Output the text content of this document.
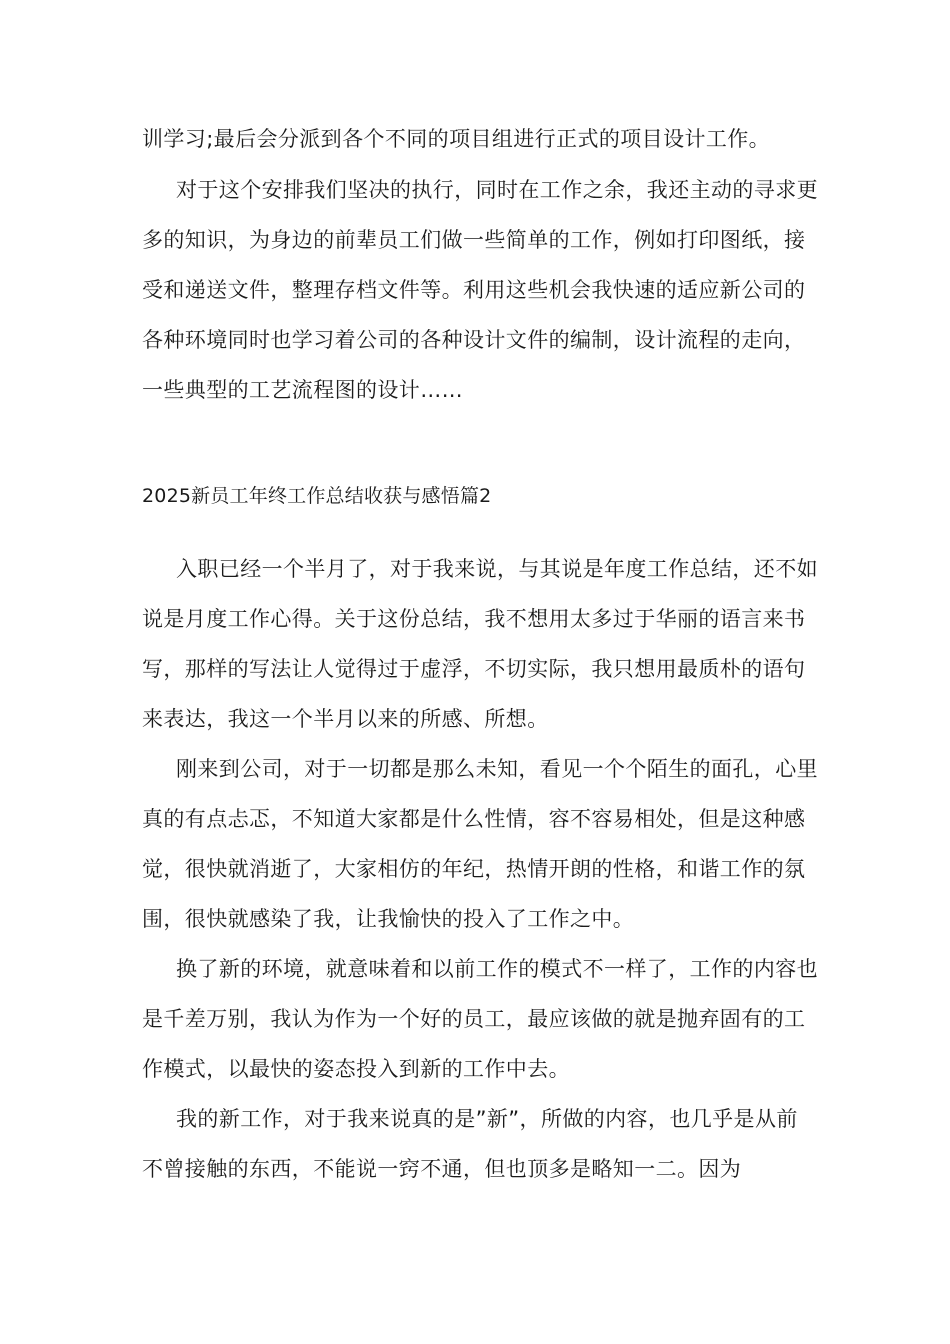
训学习;最后会分派到各个不同的项目组进行正式的项目设计工作。
对于这个安排我们坚决的执行，同时在工作之余，我还主动的寻求更
多的知识，为身边的前辈员工们做一些简单的工作，例如打印图纸，接
受和递送文件，整理存档文件等。利用这些机会我快速的适应新公司的
各种环境同时也学习着公司的各种设计文件的编制，设计流程的走向，
一些典型的工艺流程图的设计……
2025新员工年终工作总结收获与感悟篇2
入职已经一个半月了，对于我来说，与其说是年度工作总结，还不如
说是月度工作心得。关于这份总结，我不想用太多过于华丽的语言来书
写，那样的写法让人觉得过于虚浮，不切实际，我只想用最质朴的语句
来表达，我这一个半月以来的所感、所想。
刚来到公司，对于一切都是那么未知，看见一个个陌生的面孔，心里
真的有点忐忑，不知道大家都是什么性情，容不容易相处，但是这种感
觉，很快就消逝了，大家相仿的年纪，热情开朗的性格，和谐工作的氛
围，很快就感染了我，让我愉快的投入了工作之中。
换了新的环境，就意味着和以前工作的模式不一样了，工作的内容也
是千差万别，我认为作为一个好的员工，最应该做的就是抛弃固有的工
作模式，以最快的姿态投入到新的工作中去。
我的新工作，对于我来说真的是”新”，所做的内容，也几乎是从前
不曾接触的东西，不能说一窍不通，但也顶多是略知一二。因为
